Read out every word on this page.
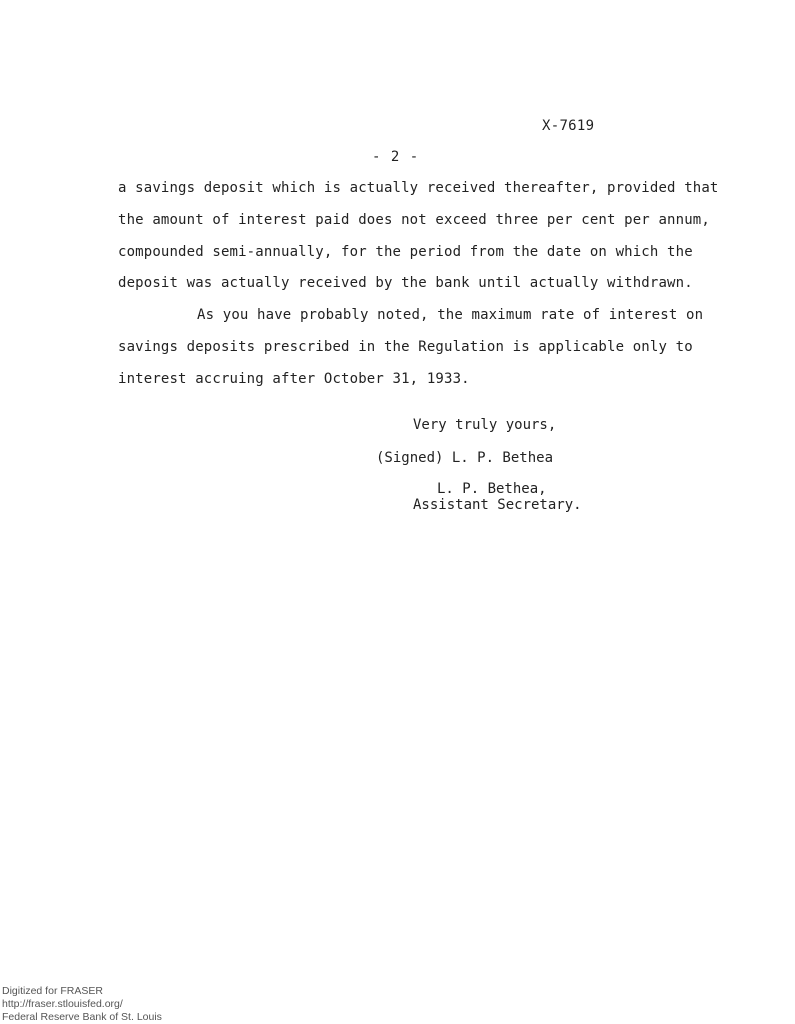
X-7619
- 2 -
a savings deposit which is actually received thereafter, provided that
the amount of interest paid does not exceed three per cent per annum,
compounded semi-annually, for the period from the date on which the
deposit was actually received by the bank until actually withdrawn.
As you have probably noted, the maximum rate of interest on
savings deposits prescribed in the Regulation is applicable only to
interest accruing after October 31, 1933.
Very truly yours,
(Signed) L. P. Bethea
L. P. Bethea,
Assistant Secretary.
Digitized for FRASER
http://fraser.stlouisfed.org/
Federal Reserve Bank of St. Louis
